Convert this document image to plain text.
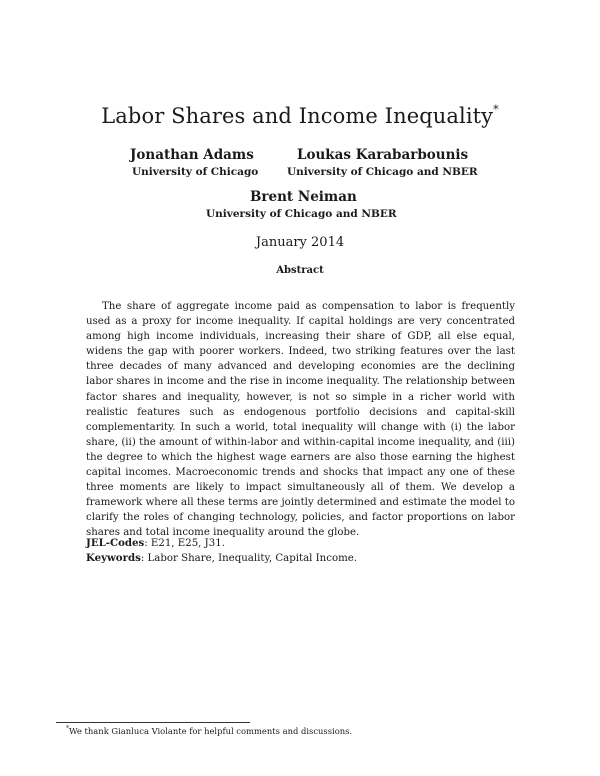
Labor Shares and Income Inequality*
Jonathan Adams
University of Chicago
Loukas Karabarbounis
University of Chicago and NBER
Brent Neiman
University of Chicago and NBER
January 2014
Abstract

The share of aggregate income paid as compensation to labor is frequently used as a proxy for income inequality. If capital holdings are very concentrated among high income individuals, increasing their share of GDP, all else equal, widens the gap with poorer workers. Indeed, two striking features over the last three decades of many advanced and developing economies are the declining labor shares in income and the rise in income inequality. The relationship between factor shares and inequality, however, is not so simple in a richer world with realistic features such as endogenous portfolio decisions and capital-skill complementarity. In such a world, total inequality will change with (i) the labor share, (ii) the amount of within-labor and within-capital income inequality, and (iii) the degree to which the highest wage earners are also those earning the highest capital incomes. Macroeconomic trends and shocks that impact any one of these three moments are likely to impact simultaneously all of them. We develop a framework where all these terms are jointly determined and estimate the model to clarify the roles of changing technology, policies, and factor proportions on labor shares and total income inequality around the globe.

JEL-Codes: E21, E25, J31.
Keywords: Labor Share, Inequality, Capital Income.
*We thank Gianluca Violante for helpful comments and discussions.
